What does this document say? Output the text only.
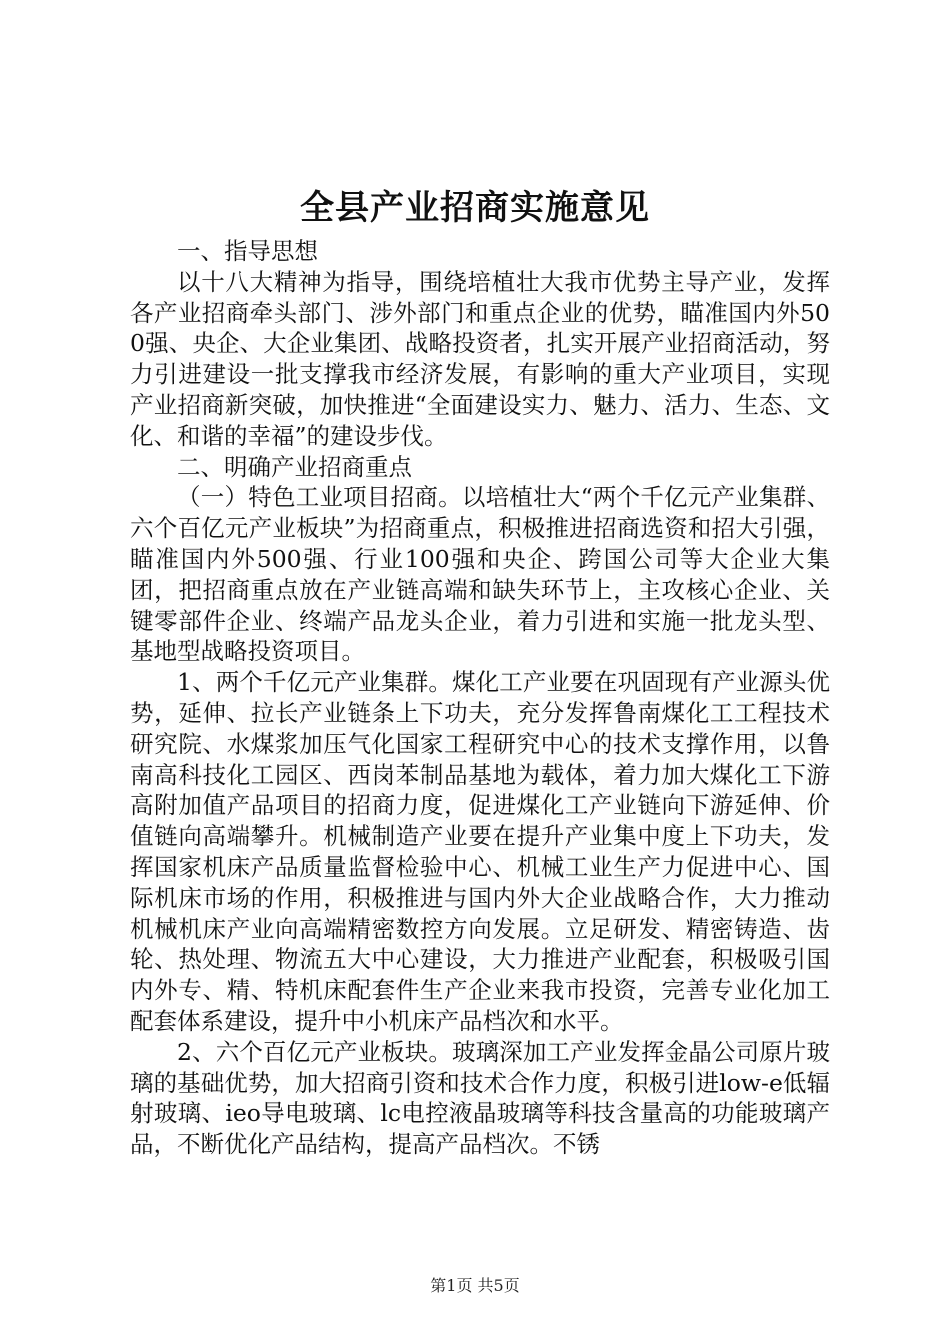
全县产业招商实施意见

一、指导思想

以十八大精神为指导，围绕培植壮大我市优势主导产业，发挥各产业招商牵头部门、涉外部门和重点企业的优势，瞄准国内外500强、央企、大企业集团、战略投资者，扎实开展产业招商活动，努力引进建设一批支撑我市经济发展，有影响的重大产业项目，实现产业招商新突破，加快推进“全面建设实力、魅力、活力、生态、文化、和谐的幸福”的建设步伐。

二、明确产业招商重点

（一）特色工业项目招商。以培植壮大“两个千亿元产业集群、六个百亿元产业板块”为招商重点，积极推进招商选资和招大引强，瞄准国内外500强、行业100强和央企、跨国公司等大企业大集团，把招商重点放在产业链高端和缺失环节上，主攻核心企业、关键零部件企业、终端产品龙头企业，着力引进和实施一批龙头型、基地型战略投资项目。

1、两个千亿元产业集群。煤化工产业要在巩固现有产业源头优势，延伸、拉长产业链条上下功夫，充分发挥鲁南煤化工工程技术研究院、水煤浆加压气化国家工程研究中心的技术支撑作用，以鲁南高科技化工园区、西岗苯制品基地为载体，着力加大煤化工下游高附加值产品项目的招商力度，促进煤化工产业链向下游延伸、价值链向高端攀升。机械制造产业要在提升产业集中度上下功夫，发挥国家机床产品质量监督检验中心、机械工业生产力促进中心、国际机床市场的作用，积极推进与国内外大企业战略合作，大力推动机械机床产业向高端精密数控方向发展。立足研发、精密铸造、齿轮、热处理、物流五大中心建设，大力推进产业配套，积极吸引国内外专、精、特机床配套件生产企业来我市投资，完善专业化加工配套体系建设，提升中小机床产品档次和水平。

2、六个百亿元产业板块。玻璃深加工产业发挥金晶公司原片玻璃的基础优势，加大招商引资和技术合作力度，积极引进low-e低辐射玻璃、ieo导电玻璃、lc电控液晶玻璃等科技含量高的功能玻璃产品，不断优化产品结构，提高产品档次。不锈

第1页 共5页
